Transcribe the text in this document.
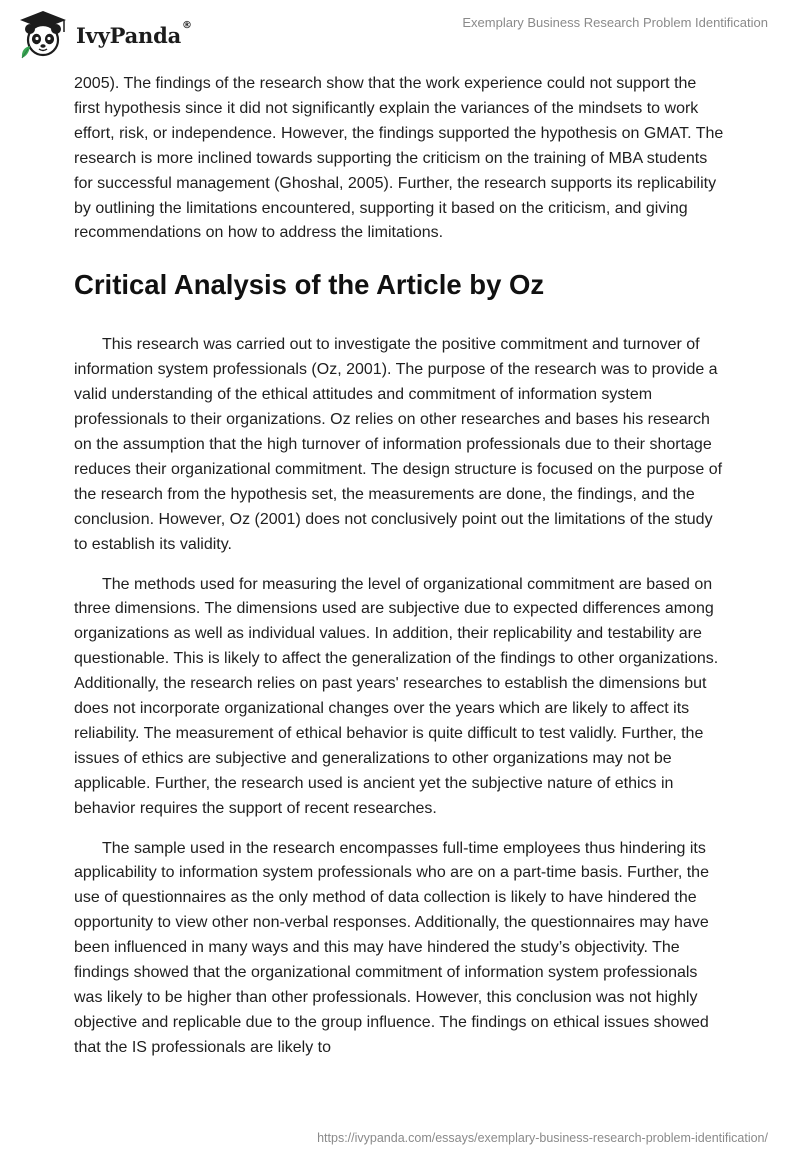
IvyPanda®	Exemplary Business Research Problem Identification

2005). The findings of the research show that the work experience could not support the first hypothesis since it did not significantly explain the variances of the mindsets to work effort, risk, or independence. However, the findings supported the hypothesis on GMAT. The research is more inclined towards supporting the criticism on the training of MBA students for successful management (Ghoshal, 2005). Further, the research supports its replicability by outlining the limitations encountered, supporting it based on the criticism, and giving recommendations on how to address the limitations.

Critical Analysis of the Article by Oz

This research was carried out to investigate the positive commitment and turnover of information system professionals (Oz, 2001). The purpose of the research was to provide a valid understanding of the ethical attitudes and commitment of information system professionals to their organizations. Oz relies on other researches and bases his research on the assumption that the high turnover of information professionals due to their shortage reduces their organizational commitment. The design structure is focused on the purpose of the research from the hypothesis set, the measurements are done, the findings, and the conclusion. However, Oz (2001) does not conclusively point out the limitations of the study to establish its validity.

The methods used for measuring the level of organizational commitment are based on three dimensions. The dimensions used are subjective due to expected differences among organizations as well as individual values. In addition, their replicability and testability are questionable. This is likely to affect the generalization of the findings to other organizations. Additionally, the research relies on past years' researches to establish the dimensions but does not incorporate organizational changes over the years which are likely to affect its reliability. The measurement of ethical behavior is quite difficult to test validly. Further, the issues of ethics are subjective and generalizations to other organizations may not be applicable. Further, the research used is ancient yet the subjective nature of ethics in behavior requires the support of recent researches.

The sample used in the research encompasses full-time employees thus hindering its applicability to information system professionals who are on a part-time basis. Further, the use of questionnaires as the only method of data collection is likely to have hindered the opportunity to view other non-verbal responses. Additionally, the questionnaires may have been influenced in many ways and this may have hindered the study’s objectivity. The findings showed that the organizational commitment of information system professionals was likely to be higher than other professionals. However, this conclusion was not highly objective and replicable due to the group influence. The findings on ethical issues showed that the IS professionals are likely to

https://ivypanda.com/essays/exemplary-business-research-problem-identification/
